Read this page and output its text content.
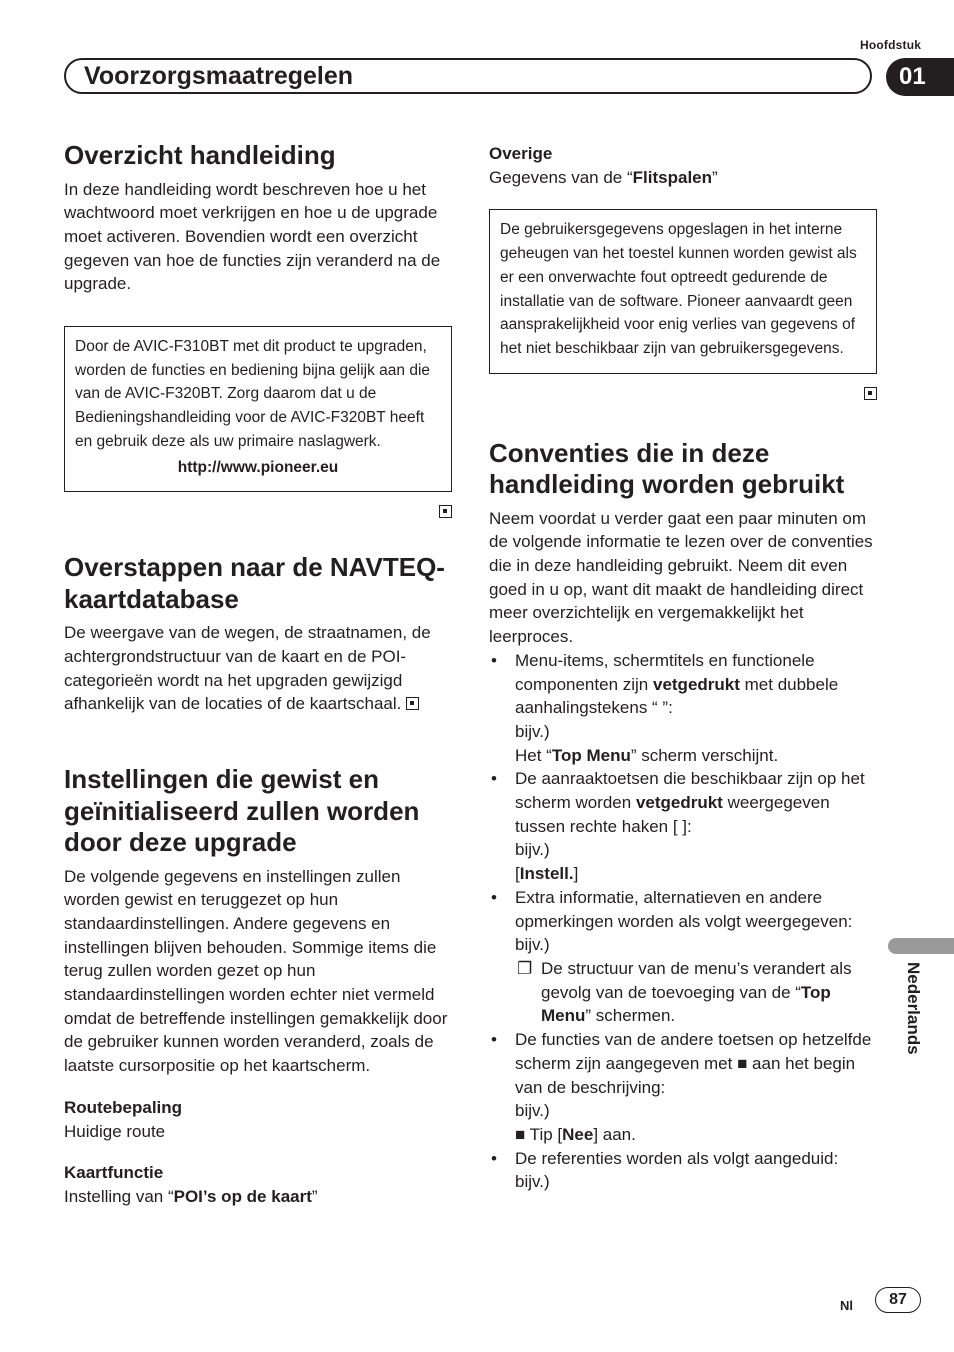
Hoofdstuk
Voorzorgsmaatregelen	01
Overzicht handleiding

In deze handleiding wordt beschreven hoe u het wachtwoord moet verkrijgen en hoe u de upgrade moet activeren. Bovendien wordt een overzicht gegeven van hoe de functies zijn veranderd na de upgrade.

Door de AVIC-F310BT met dit product te upgraden, worden de functies en bediening bijna gelijk aan die van de AVIC-F320BT. Zorg daarom dat u de Bedieningshandleiding voor de AVIC-F320BT heeft en gebruik deze als uw primaire naslagwerk.
http://www.pioneer.eu
Overstappen naar de NAVTEQ-kaartdatabase

De weergave van de wegen, de straatnamen, de achtergrondstructuur van de kaart en de POI-categorieën wordt na het upgraden gewijzigd afhankelijk van de locaties of de kaartschaal.

Instellingen die gewist en geïnitialiseerd zullen worden door deze upgrade

De volgende gegevens en instellingen zullen worden gewist en teruggezet op hun standaardinstellingen. Andere gegevens en instellingen blijven behouden. Sommige items die terug zullen worden gezet op hun standaardinstellingen worden echter niet vermeld omdat de betreffende instellingen gemakkelijk door de gebruiker kunnen worden veranderd, zoals de laatste cursorpositie op het kaartscherm.

Routebepaling

Huidige route

Kaartfunctie

Instelling van “POI’s op de kaart”

Overige

Gegevens van de “Flitspalen”

De gebruikersgegevens opgeslagen in het interne geheugen van het toestel kunnen worden gewist als er een onverwachte fout optreedt gedurende de installatie van de software. Pioneer aanvaardt geen aansprakelijkheid voor enig verlies van gegevens of het niet beschikbaar zijn van gebruikersgegevens.
Conventies die in deze handleiding worden gebruikt

Neem voordat u verder gaat een paar minuten om de volgende informatie te lezen over de conventies die in deze handleiding gebruikt. Neem dit even goed in u op, want dit maakt de handleiding direct meer overzichtelijk en vergemakkelijkt het leerproces.

• Menu-items, schermtitels en functionele componenten zijn vetgedrukt met dubbele aanhalingstekens “ ”:
bijv.)
Het “Top Menu” scherm verschijnt.
• De aanraaktoetsen die beschikbaar zijn op het scherm worden vetgedrukt weergegeven tussen rechte haken [ ]:
bijv.)
[Instell.]
• Extra informatie, alternatieven en andere opmerkingen worden als volgt weergegeven:
bijv.)
❐ De structuur van de menu’s verandert als gevolg van de toevoeging van de “Top Menu” schermen.
• De functies van de andere toetsen op hetzelfde scherm zijn aangegeven met ■ aan het begin van de beschrijving:
bijv.)
■ Tip [Nee] aan.
• De referenties worden als volgt aangeduid:
bijv.)
Nederlands
Nl	87
